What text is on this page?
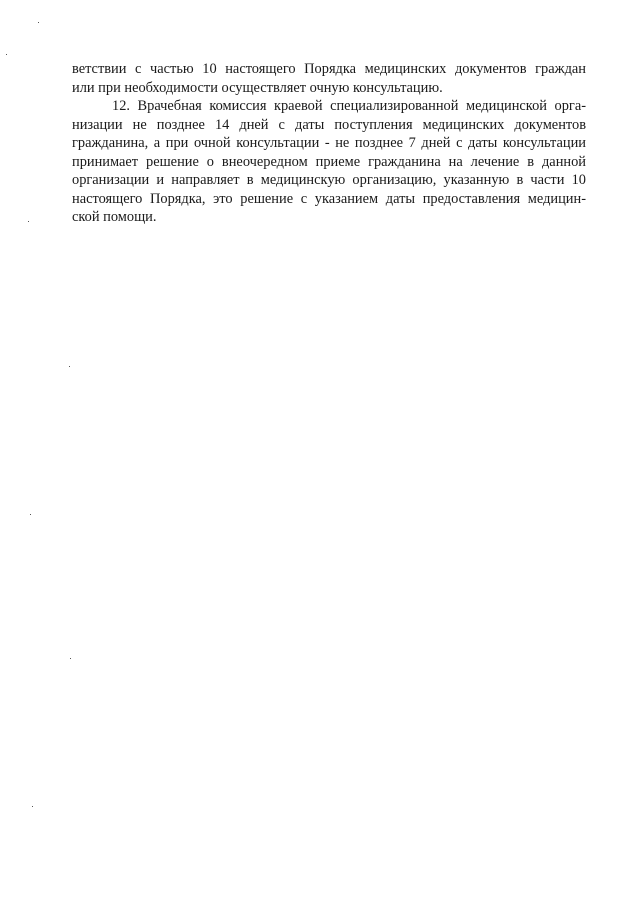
ветствии с частью 10 настоящего Порядка медицинских документов граждан
или при необходимости осуществляет очную консультацию.
12. Врачебная комиссия краевой специализированной медицинской орга-
низации не позднее 14 дней с даты поступления медицинских документов
гражданина, а при очной консультации - не позднее 7 дней с даты консультации
принимает решение о внеочередном приеме гражданина на лечение в данной
организации и направляет в медицинскую организацию, указанную в части 10
настоящего Порядка, это решение с указанием даты предоставления медицин-
ской помощи.
